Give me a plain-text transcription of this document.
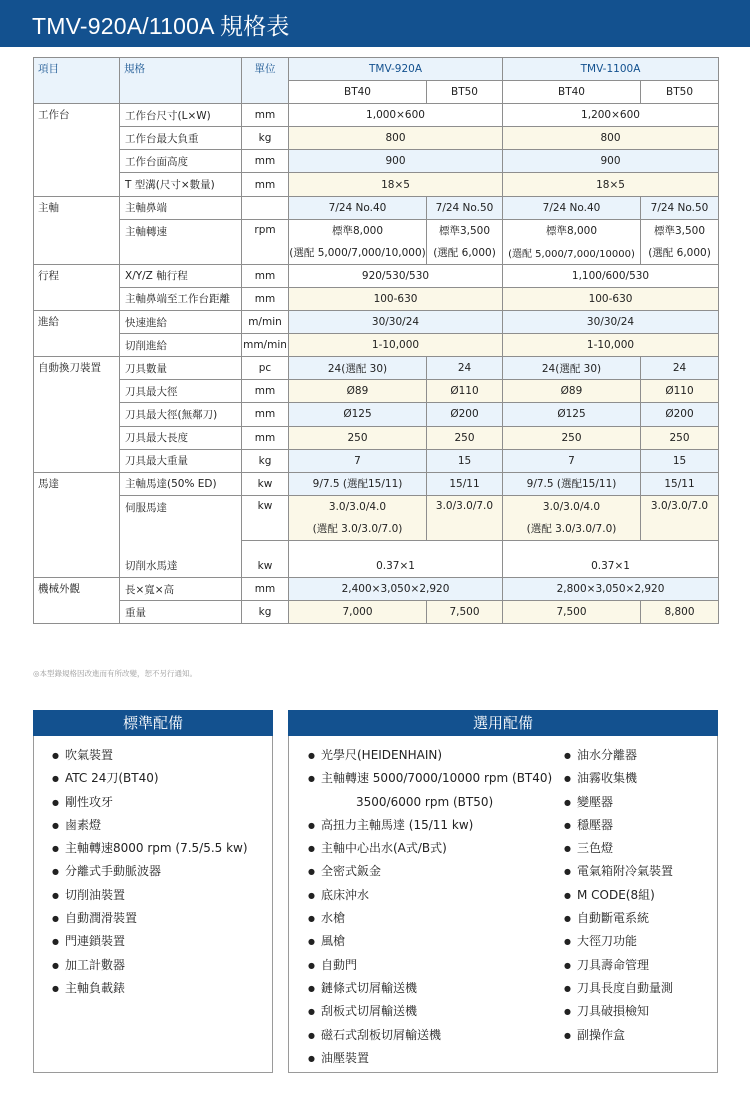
TMV-920A/1100A 規格表
項目	規格	單位	TMV-920A		TMV-1100A	
			BT40	BT50	BT40	BT50
工作台	工作台尺寸(L×W)	mm	1,000×600		1,200×600	
	工作台最大負重	kg	800		800	
	工作台面高度	mm	900		900	
	T 型溝(尺寸×數量)	mm	18×5		18×5	
主軸	主軸鼻端		7/24 No.40	7/24 No.50	7/24 No.40	7/24 No.50
	主軸轉速	rpm	標準8,000	標準3,500	標準8,000	標準3,500
			(選配 5,000/7,000/10,000)	(選配 6,000)	(選配 5,000/7,000/10000)	(選配 6,000)
行程	X/Y/Z 軸行程	mm	920/530/530		1,100/600/530	
	主軸鼻端至工作台距離	mm	100-630		100-630	
進給	快速進給	m/min	30/30/24		30/30/24	
	切削進給	mm/min	1-10,000		1-10,000	
自動換刀裝置	刀具數量	pc	24(選配 30)	24	24(選配 30)	24
	刀具最大徑	mm	Ø89	Ø110	Ø89	Ø110
	刀具最大徑(無鄰刀)	mm	Ø125	Ø200	Ø125	Ø200
	刀具最大長度	mm	250	250	250	250
	刀具最大重量	kg	7	15	7	15
馬達	主軸馬達(50% ED)	kw	9/7.5 (選配15/11)	15/11	9/7.5 (選配15/11)	15/11
	伺服馬達	kw	3.0/3.0/4.0	3.0/3.0/7.0	3.0/3.0/4.0	3.0/3.0/7.0
			(選配 3.0/3.0/7.0)		(選配 3.0/3.0/7.0)	
	切削水馬達	kw	0.37×1		0.37×1	
機械外觀	長×寬×高	mm	2,400×3,050×2,920		2,800×3,050×2,920	
	重量	kg	7,000	7,500	7,500	8,800
◎本型錄規格因改進而有所改變，恕不另行通知。
標準配備
● 吹氣裝置
● ATC 24刀(BT40)
● 剛性攻牙
● 鹵素燈
● 主軸轉速8000 rpm (7.5/5.5 kw)
● 分離式手動脈波器
● 切削油裝置
● 自動潤滑裝置
● 門連鎖裝置
● 加工計數器
● 主軸負載錶
選用配備
● 光學尺(HEIDENHAIN)
● 主軸轉速 5000/7000/10000 rpm (BT40)
3500/6000 rpm (BT50)
● 高扭力主軸馬達 (15/11 kw)
● 主軸中心出水(A式/B式)
● 全密式鈑金
● 底床沖水
● 水槍
● 風槍
● 自動門
● 鏈條式切屑輸送機
● 刮板式切屑輸送機
● 磁石式刮板切屑輸送機
● 油壓裝置
● 油水分離器
● 油霧收集機
● 變壓器
● 穩壓器
● 三色燈
● 電氣箱附冷氣裝置
● M CODE(8組)
● 自動斷電系統
● 大徑刀功能
● 刀具壽命管理
● 刀具長度自動量測
● 刀具破損檢知
● 副操作盒
